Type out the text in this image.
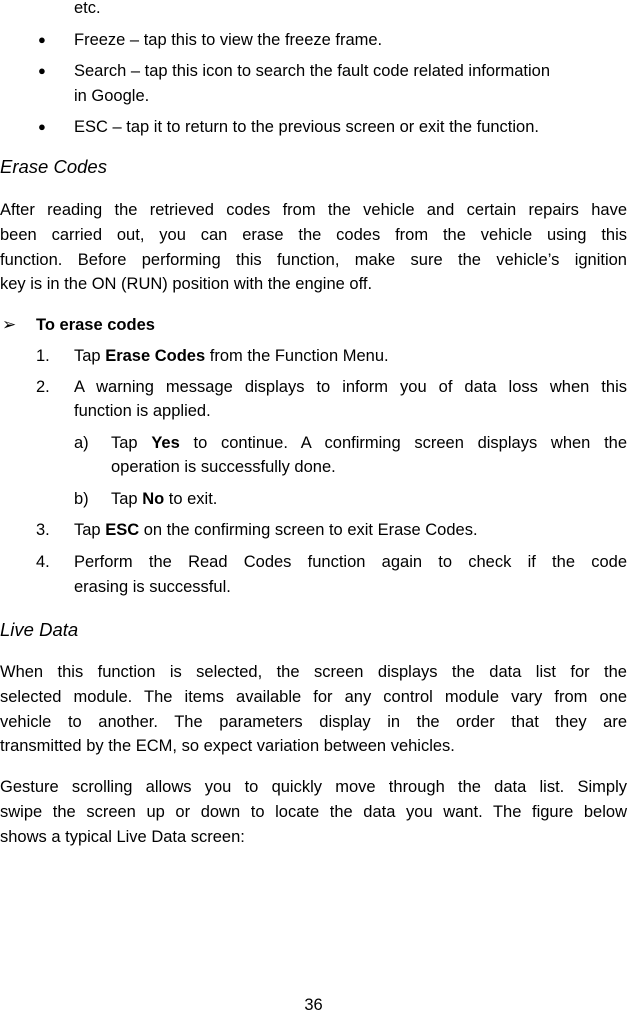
etc.
● Freeze – tap this to view the freeze frame.
● Search – tap this icon to search the fault code related information
in Google.
● ESC – tap it to return to the previous screen or exit the function.
Erase Codes
After reading the retrieved codes from the vehicle and certain repairs have
been carried out, you can erase the codes from the vehicle using this
function. Before performing this function, make sure the vehicle’s ignition
key is in the ON (RUN) position with the engine off.
➢ To erase codes
1. Tap Erase Codes from the Function Menu.
2. A warning message displays to inform you of data loss when this
function is applied.
a) Tap Yes to continue. A confirming screen displays when the
operation is successfully done.
b) Tap No to exit.
3. Tap ESC on the confirming screen to exit Erase Codes.
4. Perform the Read Codes function again to check if the code
erasing is successful.
Live Data
When this function is selected, the screen displays the data list for the
selected module. The items available for any control module vary from one
vehicle to another. The parameters display in the order that they are
transmitted by the ECM, so expect variation between vehicles.
Gesture scrolling allows you to quickly move through the data list. Simply
swipe the screen up or down to locate the data you want. The figure below
shows a typical Live Data screen:
36
